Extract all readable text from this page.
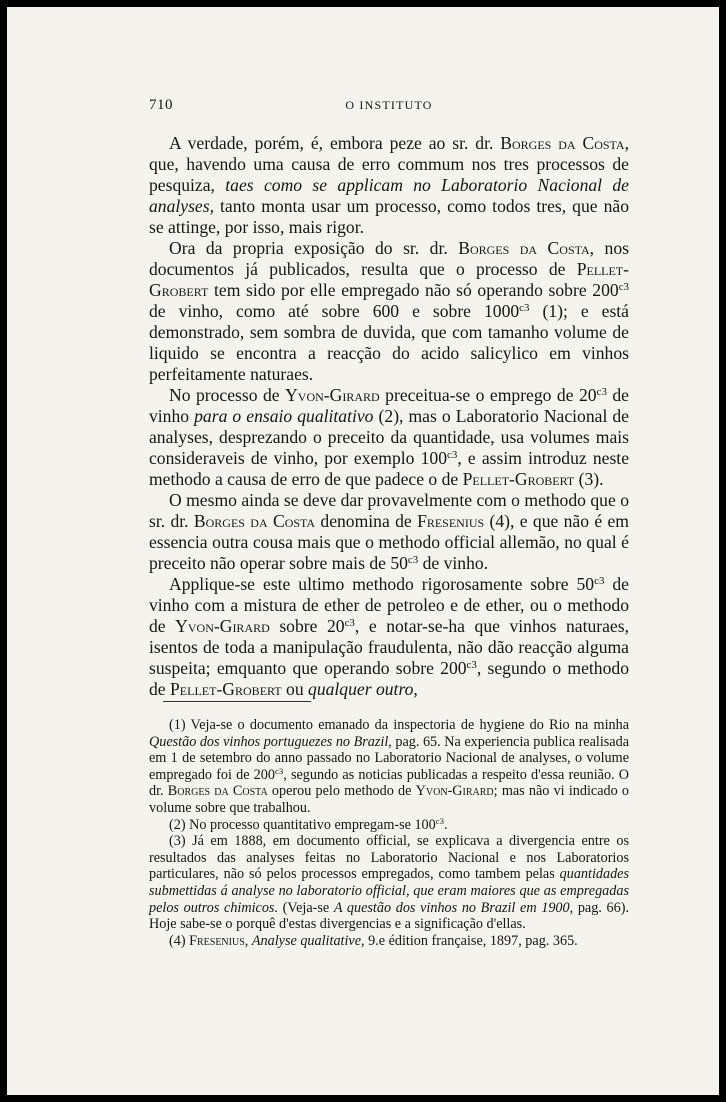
710	O INSTITUTO

A verdade, porém, é, embora peze ao sr. dr. Borges da Costa, que, havendo uma causa de erro commum nos tres processos de pesquiza, taes como se applicam no Laboratorio Nacional de analyses, tanto monta usar um processo, como todos tres, que não se attinge, por isso, mais rigor.

Ora da propria exposição do sr. dr. Borges da Costa, nos documentos já publicados, resulta que o processo de Pellet-Grobert tem sido por elle empregado não só operando sobre $200^{c3}$ de vinho, como até sobre 600 e sobre $1000^{c3}$ (1); e está demonstrado, sem sombra de duvida, que com tamanho volume de liquido se encontra a reacção do acido salicylico em vinhos perfeitamente naturaes.

No processo de Yvon-Girard preceitua-se o emprego de $20^{c3}$ de vinho para o ensaio qualitativo (2), mas o Laboratorio Nacional de analyses, desprezando o preceito da quantidade, usa volumes mais consideraveis de vinho, por exemplo $100^{c3}$, e assim introduz neste methodo a causa de erro de que padece o de Pellet-Grobert (3).

O mesmo ainda se deve dar provavelmente com o methodo que o sr. dr. Borges da Costa denomina de Fresenius (4), e que não é em essencia outra cousa mais que o methodo official allemão, no qual é preceito não operar sobre mais de $50^{c3}$ de vinho.

Applique-se este ultimo methodo rigorosamente sobre $50^{c3}$ de vinho com a mistura de ether de petroleo e de ether, ou o methodo de Yvon-Girard sobre $20^{c3}$, e notar-se-ha que vinhos naturaes, isentos de toda a manipulação fraudulenta, não dão reacção alguma suspeita; emquanto que operando sobre $200^{c3}$, segundo o methodo de Pellet-Grobert ou qualquer outro,

(1) Veja-se o documento emanado da inspectoria de hygiene do Rio na minha Questão dos vinhos portuguezes no Brazil, pag. 65. Na experiencia publica realisada em 1 de setembro do anno passado no Laboratorio Nacional de analyses, o volume empregado foi de $200^{c3}$, segundo as noticias publicadas a respeito d'essa reunião. O dr. Borges da Costa operou pelo methodo de Yvon-Girard; mas não vi indicado o volume sobre que trabalhou.

(2) No processo quantitativo empregam-se $100^{c3}$.

(3) Já em 1888, em documento official, se explicava a divergencia entre os resultados das analyses feitas no Laboratorio Nacional e nos Laboratorios particulares, não só pelos processos empregados, como tambem pelas quantidades submettidas á analyse no laboratorio official, que eram maiores que as empregadas pelos outros chimicos. (Veja-se A questão dos vinhos no Brazil em 1900, pag. 66). Hoje sabe-se o porquê d'estas divergencias e a significação d'ellas.

(4) Fresenius, Analyse qualitative, 9.e édition française, 1897, pag. 365.
